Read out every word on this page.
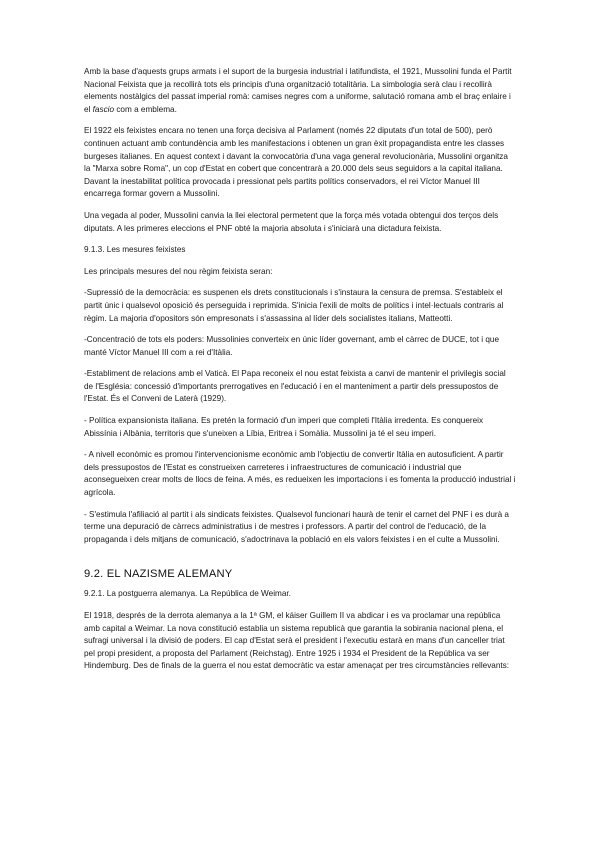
Amb la base d'aquests grups armats i el suport de la burgesia industrial i latifundista, el 1921, Mussolini funda el Partit Nacional Feixista que ja recollirà tots els principis d'una organització totalitària. La simbologia serà clau i recollirà elements nostàlgics del passat imperial romà: camises negres com a uniforme, salutació romana amb el braç enlaire i el fascio com a emblema.

El 1922 els feixistes encara no tenen una força decisiva al Parlament (només 22 diputats d'un total de 500), però continuen actuant amb contundència amb les manifestacions i obtenen un gran èxit propagandista entre les classes burgeses italianes. En aquest context i davant la convocatòria d'una vaga general revolucionària, Mussolini organitza la "Marxa sobre Roma", un cop d'Estat en cobert que concentrarà a 20.000 dels seus seguidors a la capital italiana. Davant la inestabilitat política provocada i pressionat pels partits polítics conservadors, el rei Víctor Manuel III encarrega formar govern a Mussolini.

Una vegada al poder, Mussolini canvia la llei electoral permetent que la força més votada obtengui dos terços dels diputats. A les primeres eleccions el PNF obté la majoria absoluta i s'iniciarà una dictadura feixista.

9.1.3. Les mesures feixistes

Les principals mesures del nou règim feixista seran:

-Supressió de la democràcia: es suspenen els drets constitucionals i s'instaura la censura de premsa. S'estableix el partit únic i qualsevol oposició és perseguida i reprimida. S'inicia l'exili de molts de polítics i intel·lectuals contraris al règim. La majoria d'opositors són empresonats i s'assassina al líder dels socialistes italians, Matteotti.

-Concentració de tots els poders: Mussolinies converteix en únic líder governant, amb el càrrec de DUCE, tot i que manté Víctor Manuel III com a rei d'Itàlia.

-Establiment de relacions amb el Vaticà. El Papa reconeix el nou estat feixista a canvi de mantenir el privilegis social de l'Església: concessió d'importants prerrogatives en l'educació i en el manteniment a partir dels pressupostos de l'Estat. És el Conveni de Laterà (1929).

- Política expansionista italiana. Es pretén la formació d'un imperi que completi l'Itàlia irredenta. Es conquereix Abissínia i Albània, territoris que s'uneixen a Líbia, Eritrea i Somàlia. Mussolini ja té el seu imperi.

- A nivell econòmic es promou l'intervencionisme econòmic amb l'objectiu de convertir Itàlia en autosuficient. A partir dels pressupostos de l'Estat es construeixen carreteres i infraestructures de comunicació i industrial que aconsegueixen crear molts de llocs de feina. A més, es redueixen les importacions i es fomenta la producció industrial i agrícola.

- S'estimula l'afiliació al partit i als sindicats feixistes. Qualsevol funcionari haurà de tenir el carnet del PNF i es durà a terme una depuració de càrrecs administratius i de mestres i professors. A partir del control de l'educació, de la propaganda i dels mitjans de comunicació, s'adoctrinava la població en els valors feixistes i en el culte a Mussolini.

9.2. EL NAZISME ALEMANY

9.2.1. La postguerra alemanya. La República de Weimar.

El 1918, després de la derrota alemanya a la 1ª GM, el káiser Guillem II va abdicar i es va proclamar una república amb capital a Weimar. La nova constitució establia un sistema republicà que garantia la sobirania nacional plena, el sufragi universal i la divisió de poders. El cap d'Estat serà el president i l'executiu estarà en mans d'un canceller triat pel propi president, a proposta del Parlament (Reichstag). Entre 1925 i 1934 el President de la República va ser Hindemburg. Des de finals de la guerra el nou estat democràtic va estar amenaçat per tres circumstàncies rellevants:
